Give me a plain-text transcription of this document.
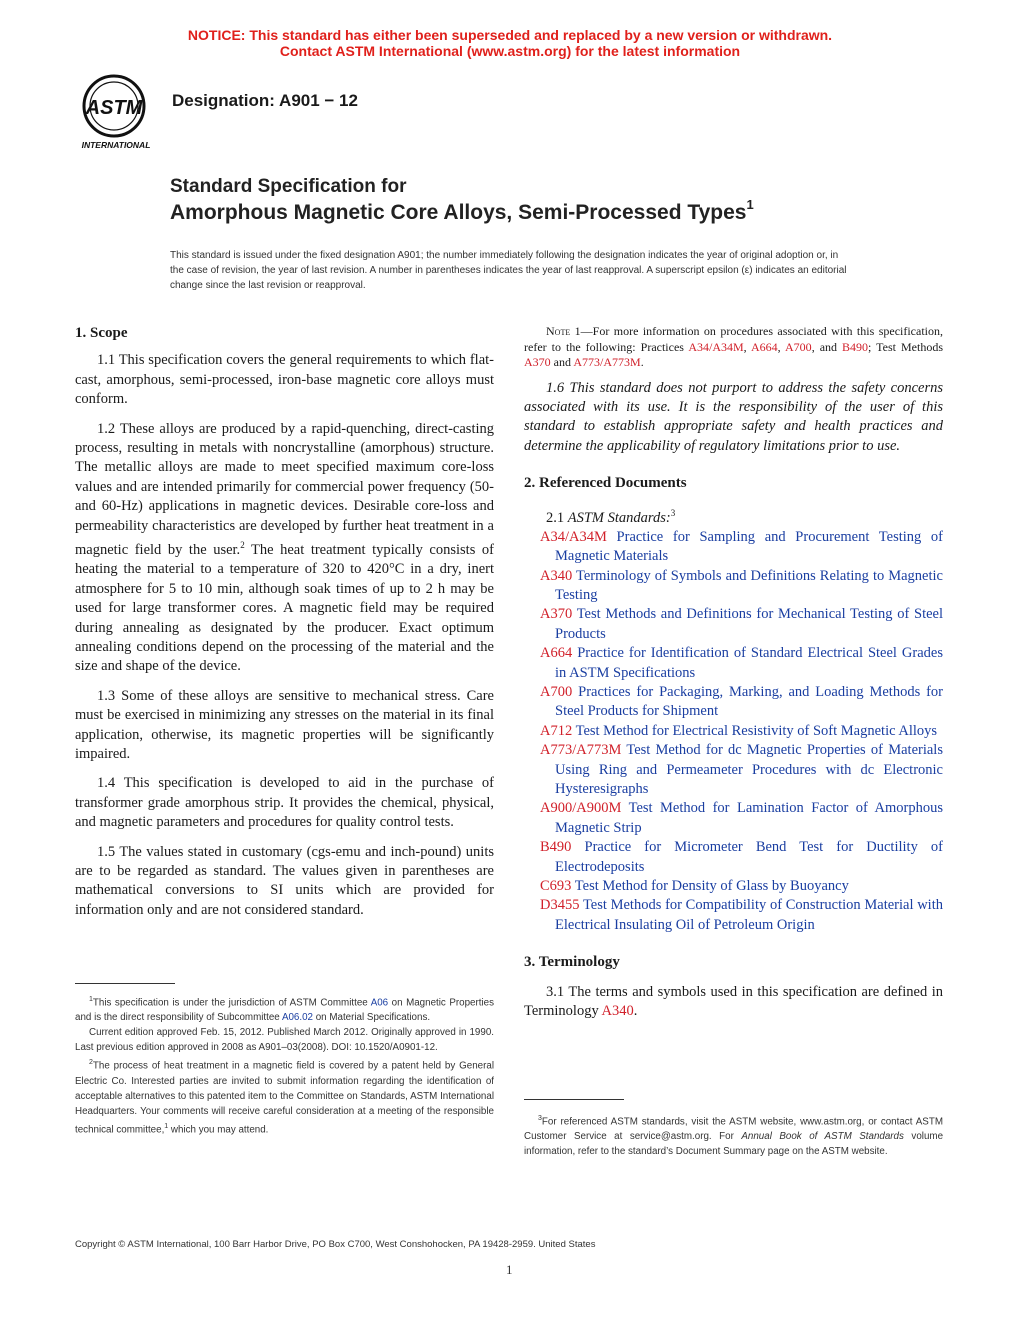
NOTICE: This standard has either been superseded and replaced by a new version or withdrawn.
Contact ASTM International (www.astm.org) for the latest information
ASTM
INTERNATIONAL
Designation: A901 − 12
Standard Specification for
Amorphous Magnetic Core Alloys, Semi-Processed Types$^1$
This standard is issued under the fixed designation A901; the number immediately following the designation indicates the year of original adoption or, in the case of revision, the year of last revision. A number in parentheses indicates the year of last reapproval. A superscript epsilon (ε) indicates an editorial change since the last revision or reapproval.
1. Scope

1.1 This specification covers the general requirements to which flat-cast, amorphous, semi-processed, iron-base magnetic core alloys must conform.

1.2 These alloys are produced by a rapid-quenching, direct-casting process, resulting in metals with noncrystalline (amorphous) structure. The metallic alloys are made to meet specified maximum core-loss values and are intended primarily for commercial power frequency (50- and 60-Hz) applications in magnetic devices. Desirable core-loss and permeability characteristics are developed by further heat treatment in a magnetic field by the user.$^2$ The heat treatment typically consists of heating the material to a temperature of 320 to 420°C in a dry, inert atmosphere for 5 to 10 min, although soak times of up to 2 h may be used for large transformer cores. A magnetic field may be required during annealing as designated by the producer. Exact optimum annealing conditions depend on the processing of the material and the size and shape of the device.

1.3 Some of these alloys are sensitive to mechanical stress. Care must be exercised in minimizing any stresses on the material in its final application, otherwise, its magnetic properties will be significantly impaired.

1.4 This specification is developed to aid in the purchase of transformer grade amorphous strip. It provides the chemical, physical, and magnetic parameters and procedures for quality control tests.

1.5 The values stated in customary (cgs-emu and inch-pound) units are to be regarded as standard. The values given in parentheses are mathematical conversions to SI units which are provided for information only and are not considered standard.

$^1$This specification is under the jurisdiction of ASTM Committee A06 on Magnetic Properties and is the direct responsibility of Subcommittee A06.02 on Material Specifications.

Current edition approved Feb. 15, 2012. Published March 2012. Originally approved in 1990. Last previous edition approved in 2008 as A901–03(2008). DOI: 10.1520/A0901-12.

$^2$The process of heat treatment in a magnetic field is covered by a patent held by General Electric Co. Interested parties are invited to submit information regarding the identification of acceptable alternatives to this patented item to the Committee on Standards, ASTM International Headquarters. Your comments will receive careful consideration at a meeting of the responsible technical committee,$^1$ which you may attend.

Note 1—For more information on procedures associated with this specification, refer to the following: Practices A34/A34M, A664, A700, and B490; Test Methods A370 and A773/A773M.

1.6 This standard does not purport to address the safety concerns associated with its use. It is the responsibility of the user of this standard to establish appropriate safety and health practices and determine the applicability of regulatory limitations prior to use.

2. Referenced Documents

2.1 ASTM Standards:$^3$

A34/A34M Practice for Sampling and Procurement Testing of Magnetic Materials

A340 Terminology of Symbols and Definitions Relating to Magnetic Testing

A370 Test Methods and Definitions for Mechanical Testing of Steel Products

A664 Practice for Identification of Standard Electrical Steel Grades in ASTM Specifications

A700 Practices for Packaging, Marking, and Loading Methods for Steel Products for Shipment

A712 Test Method for Electrical Resistivity of Soft Magnetic Alloys

A773/A773M Test Method for dc Magnetic Properties of Materials Using Ring and Permeameter Procedures with dc Electronic Hysteresigraphs

A900/A900M Test Method for Lamination Factor of Amorphous Magnetic Strip

B490 Practice for Micrometer Bend Test for Ductility of Electrodeposits

C693 Test Method for Density of Glass by Buoyancy

D3455 Test Methods for Compatibility of Construction Material with Electrical Insulating Oil of Petroleum Origin

3. Terminology

3.1 The terms and symbols used in this specification are defined in Terminology A340.

$^3$For referenced ASTM standards, visit the ASTM website, www.astm.org, or contact ASTM Customer Service at service@astm.org. For Annual Book of ASTM Standards volume information, refer to the standard’s Document Summary page on the ASTM website.

Copyright © ASTM International, 100 Barr Harbor Drive, PO Box C700, West Conshohocken, PA 19428-2959. United States
1
